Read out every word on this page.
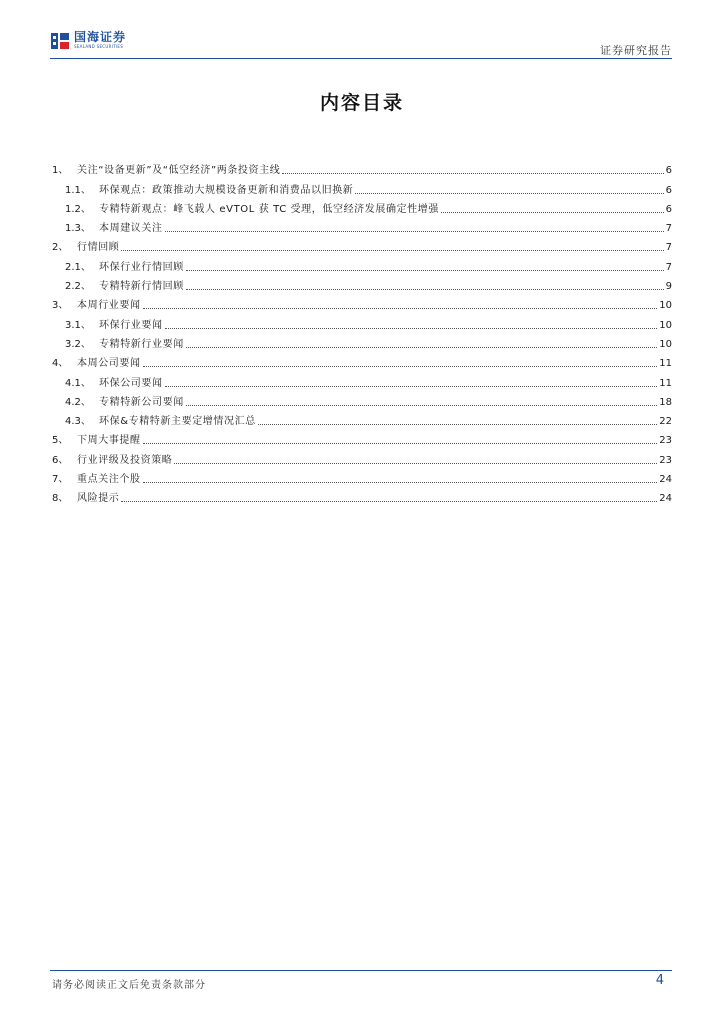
国海证券
SEALAND SECURITIES	证券研究报告
内容目录
1、 关注“设备更新”及“低空经济”两条投资主线	6
1.1、 环保观点：政策推动大规模设备更新和消费品以旧换新	6
1.2、 专精特新观点：峰飞载人 eVTOL 获 TC 受理，低空经济发展确定性增强	6
1.3、 本周建议关注	7
2、 行情回顾	7
2.1、 环保行业行情回顾	7
2.2、 专精特新行情回顾	9
3、 本周行业要闻	10
3.1、 环保行业要闻	10
3.2、 专精特新行业要闻	10
4、 本周公司要闻	11
4.1、 环保公司要闻	11
4.2、 专精特新公司要闻	18
4.3、 环保&专精特新主要定增情况汇总	22
5、 下周大事提醒	23
6、 行业评级及投资策略	23
7、 重点关注个股	24
8、 风险提示	24
请务必阅读正文后免责条款部分	4
